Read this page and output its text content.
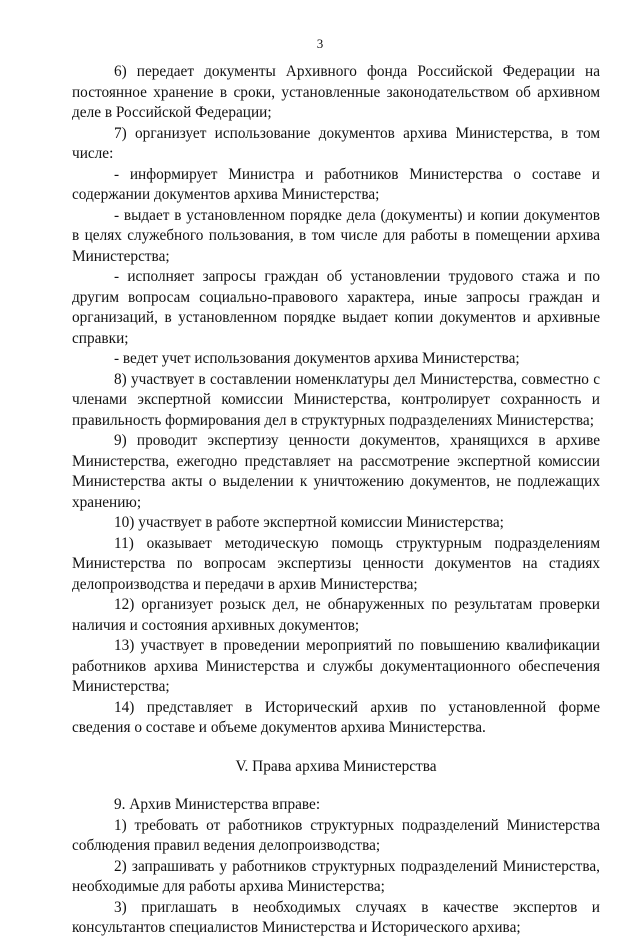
3

6) передает документы Архивного фонда Российской Федерации на постоянное хранение в сроки, установленные законодательством об архивном деле в Российской Федерации;

7) организует использование документов архива Министерства, в том числе:

- информирует Министра и работников Министерства о составе и содержании документов архива Министерства;

- выдает в установленном порядке дела (документы) и копии документов в целях служебного пользования, в том числе для работы в помещении архива Министерства;

- исполняет запросы граждан об установлении трудового стажа и по другим вопросам социально-правового характера, иные запросы граждан и организаций, в установленном порядке выдает копии документов и архивные справки;

- ведет учет использования документов архива Министерства;

8) участвует в составлении номенклатуры дел Министерства, совместно с членами экспертной комиссии Министерства, контролирует сохранность и правильность формирования дел в структурных подразделениях Министерства;

9) проводит экспертизу ценности документов, хранящихся в архиве Министерства, ежегодно представляет на рассмотрение экспертной комиссии Министерства акты о выделении к уничтожению документов, не подлежащих хранению;

10) участвует в работе экспертной комиссии Министерства;

11) оказывает методическую помощь структурным подразделениям Министерства по вопросам экспертизы ценности документов на стадиях делопроизводства и передачи в архив Министерства;

12) организует розыск дел, не обнаруженных по результатам проверки наличия и состояния архивных документов;

13) участвует в проведении мероприятий по повышению квалификации работников архива Министерства и службы документационного обеспечения Министерства;

14) представляет в Исторический архив по установленной форме сведения о составе и объеме документов архива Министерства.

V. Права архива Министерства

9. Архив Министерства вправе:

1) требовать от работников структурных подразделений Министерства соблюдения правил ведения делопроизводства;

2) запрашивать у работников структурных подразделений Министерства, необходимые для работы архива Министерства;

3) приглашать в необходимых случаях в качестве экспертов и консультантов специалистов Министерства и Исторического архива;
